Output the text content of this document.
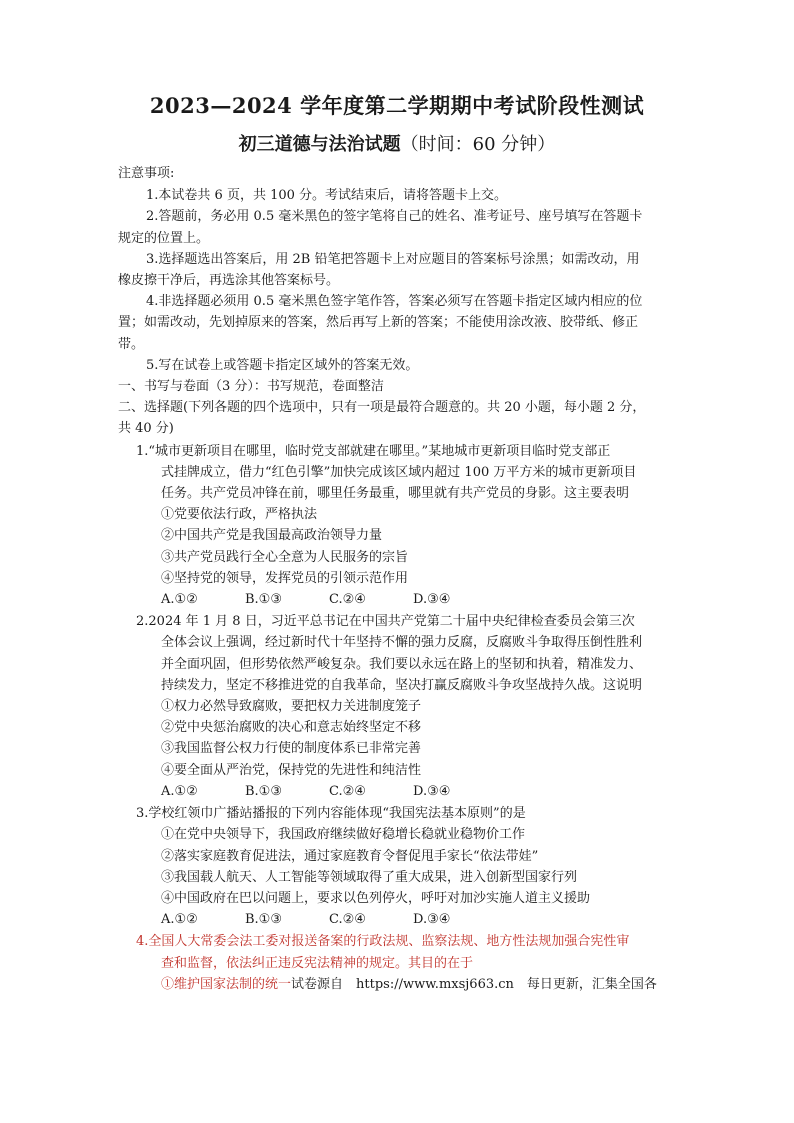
2023—2024 学年度第二学期期中考试阶段性测试
初三道德与法治试题（时间：60 分钟）
注意事项:
1.本试卷共 6 页，共 100 分。考试结束后，请将答题卡上交。
2.答题前，务必用 0.5 毫米黑色的签字笔将自己的姓名、准考证号、座号填写在答题卡
规定的位置上。
3.选择题选出答案后，用 2B 铅笔把答题卡上对应题目的答案标号涂黑；如需改动，用
橡皮擦干净后，再选涂其他答案标号。
4.非选择题必须用 0.5 毫米黑色签字笔作答，答案必须写在答题卡指定区域内相应的位
置；如需改动，先划掉原来的答案，然后再写上新的答案；不能使用涂改液、胶带纸、修正
带。
5.写在试卷上或答题卡指定区域外的答案无效。
一、书写与卷面（3 分）：书写规范，卷面整洁
二、选择题(下列各题的四个选项中，只有一项是最符合题意的。共 20 小题，每小题 2 分，
共 40 分)
1.“城市更新项目在哪里，临时党支部就建在哪里。”某地城市更新项目临时党支部正
式挂牌成立，借力“红色引擎”加快完成该区域内超过 100 万平方米的城市更新项目
任务。共产党员冲锋在前，哪里任务最重，哪里就有共产党员的身影。这主要表明
①党要依法行政，严格执法
②中国共产党是我国最高政治领导力量
③共产党员践行全心全意为人民服务的宗旨
④坚持党的领导，发挥党员的引领示范作用
A.①②	B.①③	C.②④	D.③④
2.2024 年 1 月 8 日，习近平总书记在中国共产党第二十届中央纪律检查委员会第三次
全体会议上强调，经过新时代十年坚持不懈的强力反腐，反腐败斗争取得压倒性胜利
并全面巩固，但形势依然严峻复杂。我们要以永远在路上的坚韧和执着，精准发力、
持续发力，坚定不移推进党的自我革命，坚决打赢反腐败斗争攻坚战持久战。这说明
①权力必然导致腐败，要把权力关进制度笼子
②党中央惩治腐败的决心和意志始终坚定不移
③我国监督公权力行使的制度体系已非常完善
④要全面从严治党，保持党的先进性和纯洁性
A.①②	B.①③	C.②④	D.③④
3.学校红领巾广播站播报的下列内容能体现“我国宪法基本原则”的是
①在党中央领导下，我国政府继续做好稳增长稳就业稳物价工作
②落实家庭教育促进法，通过家庭教育令督促甩手家长“依法带娃”
③我国载人航天、人工智能等领域取得了重大成果，进入创新型国家行列
④中国政府在巴以问题上，要求以色列停火，呼吁对加沙实施人道主义援助
A.①②	B.①③	C.②④	D.③④
4.全国人大常委会法工委对报送备案的行政法规、监察法规、地方性法规加强合宪性审
查和监督，依法纠正违反宪法精神的规定。其目的在于
①维护国家法制的统一试卷源自　https://www.mxsj663.cn　每日更新，汇集全国各
